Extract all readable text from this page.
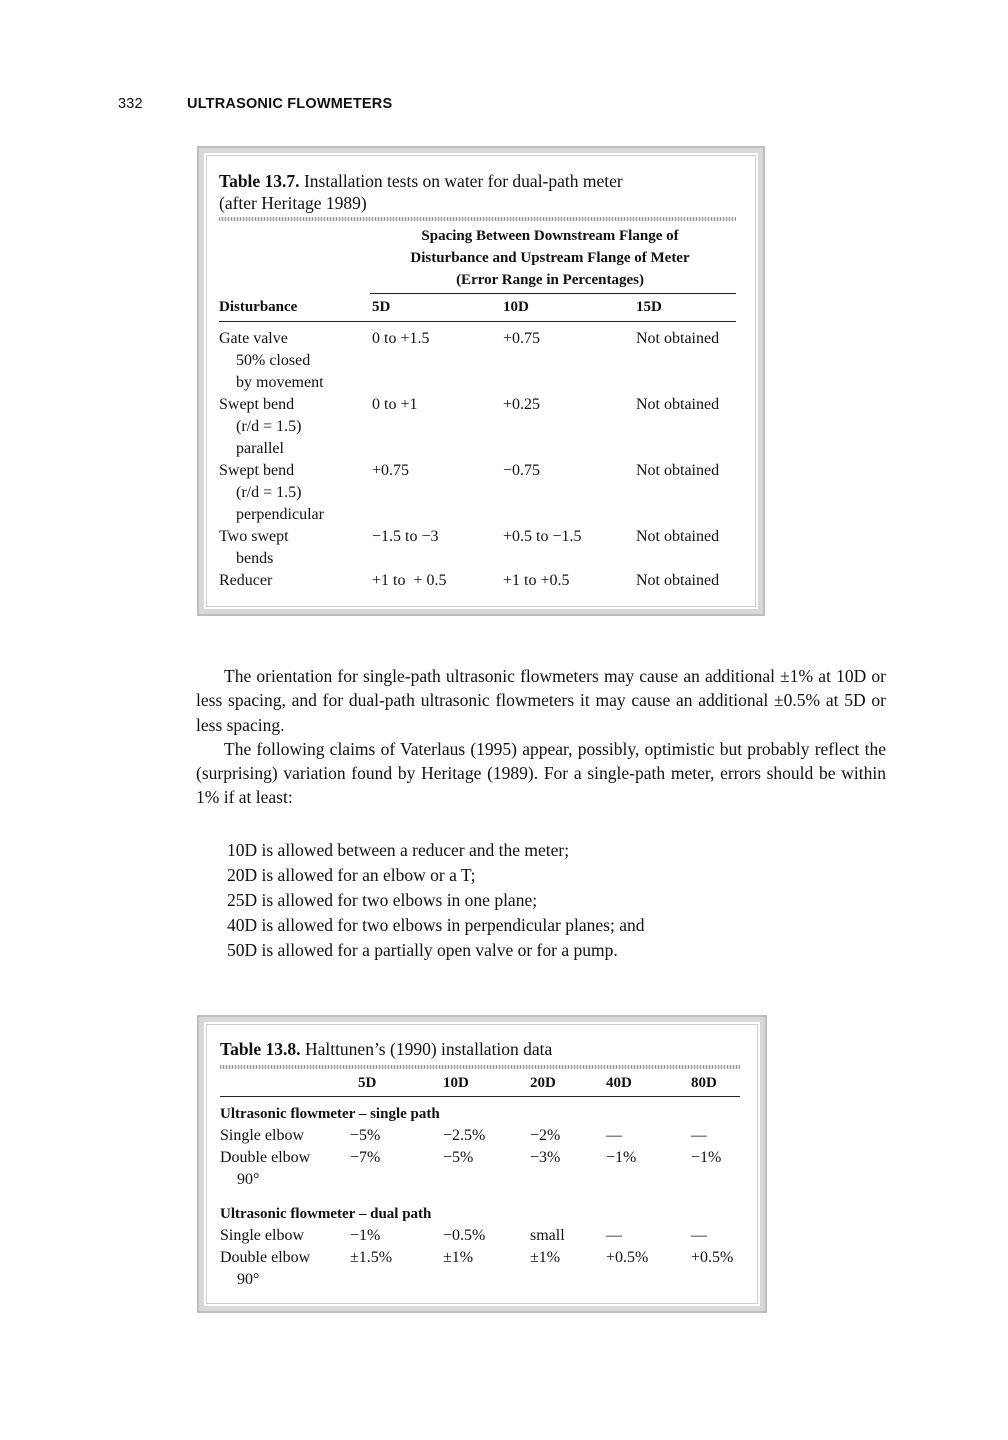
332	ULTRASONIC FLOWMETERS
Table 13.7. Installation tests on water for dual-path meter
(after Heritage 1989)
Spacing Between Downstream Flange of
Disturbance and Upstream Flange of Meter
(Error Range in Percentages)
Disturbance	5D	10D	15D
Gate valve
50% closed
by movement
0 to +1.5	+0.75	Not obtained
Swept bend
(r/d = 1.5)
parallel
0 to +1	+0.25	Not obtained
Swept bend
(r/d = 1.5)
perpendicular
+0.75	−0.75	Not obtained
Two swept
bends
−1.5 to −3	+0.5 to −1.5	Not obtained
Reducer	+1 to  + 0.5	+1 to +0.5	Not obtained

The orientation for single-path ultrasonic flowmeters may cause an additional ±1% at 10D or less spacing, and for dual-path ultrasonic flowmeters it may cause an additional ±0.5% at 5D or less spacing.

The following claims of Vaterlaus (1995) appear, possibly, optimistic but probably reflect the (surprising) variation found by Heritage (1989). For a single-path meter, errors should be within 1% if at least:

10D is allowed between a reducer and the meter;
20D is allowed for an elbow or a T;
25D is allowed for two elbows in one plane;
40D is allowed for two elbows in perpendicular planes; and
50D is allowed for a partially open valve or for a pump.
Table 13.8. Halttunen’s (1990) installation data
5D	10D	20D	40D	80D
Ultrasonic flowmeter – single path
Single elbow	−5%	−2.5%	−2%	—	—
Double elbow
90°
−7%	−5%	−3%	−1%	−1%
Ultrasonic flowmeter – dual path
Single elbow	−1%	−0.5%	small	—	—
Double elbow
90°
±1.5%	±1%	±1%	+0.5%	+0.5%
